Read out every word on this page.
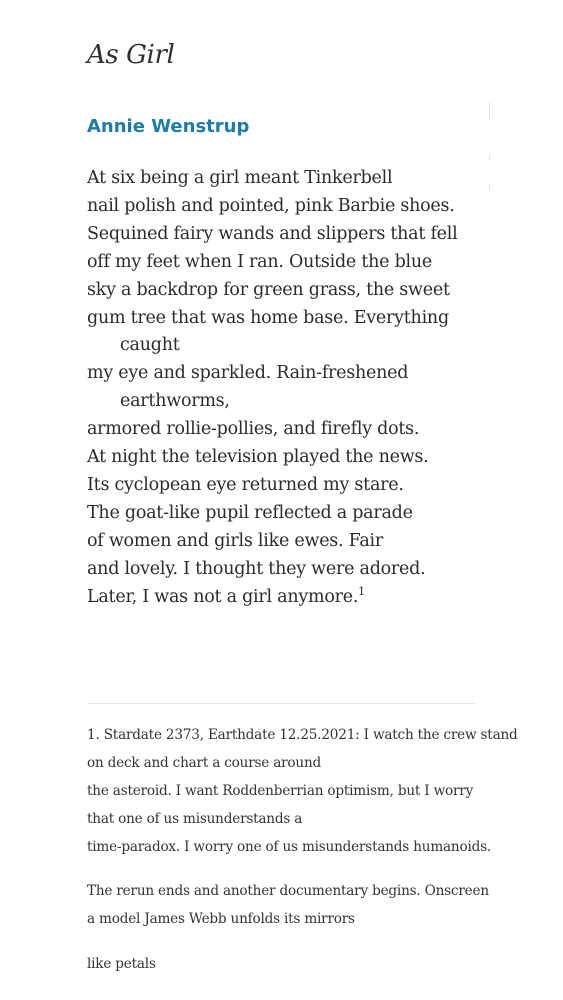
As Girl
Annie Wenstrup
At six being a girl meant Tinkerbell
nail polish and pointed, pink Barbie shoes.
Sequined fairy wands and slippers that fell
off my feet when I ran. Outside the blue
sky a backdrop for green grass, the sweet
gum tree that was home base. Everything
caught
my eye and sparkled. Rain-freshened
earthworms,
armored rollie-pollies, and firefly dots.
At night the television played the news.
Its cyclopean eye returned my stare.
The goat-like pupil reflected a parade
of women and girls like ewes. Fair
and lovely. I thought they were adored.
Later, I was not a girl anymore.$^1$

1. Stardate 2373, Earthdate 12.25.2021: I watch the crew stand
on deck and chart a course around
the asteroid. I want Roddenberrian optimism, but I worry
that one of us misunderstands a
time-paradox. I worry one of us misunderstands humanoids.

The rerun ends and another documentary begins. Onscreen
a model James Webb unfolds its mirrors

like petals
